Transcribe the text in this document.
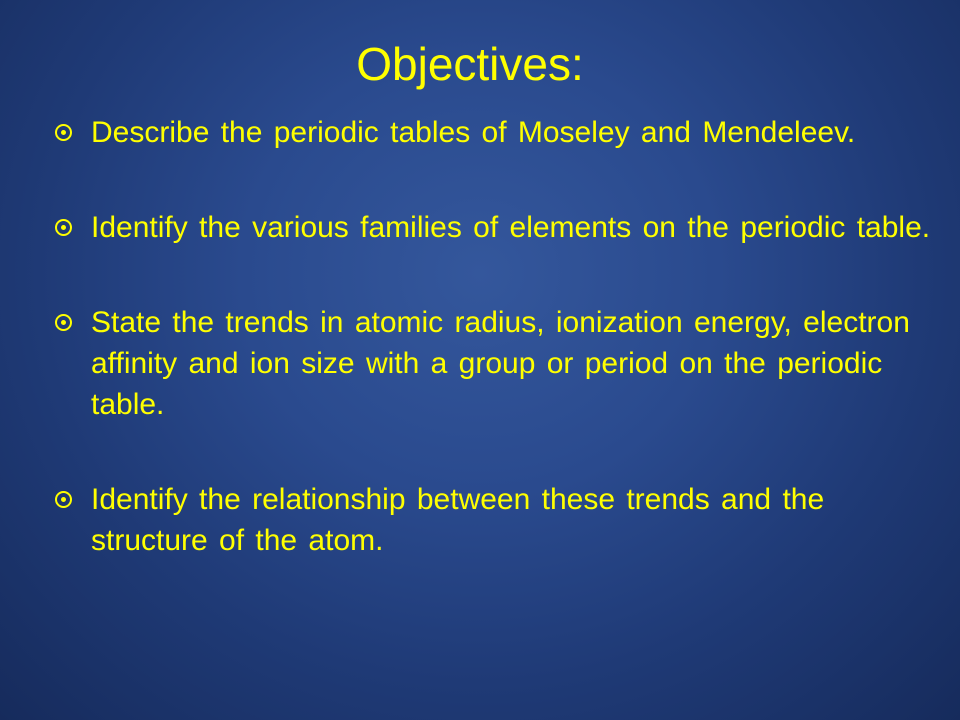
Objectives:
Describe the periodic tables of Moseley and Mendeleev.
Identify the various families of elements on the periodic table.
State the trends in atomic radius, ionization energy, electron affinity and ion size with a group or period on the periodic table.
Identify the relationship between these trends and the structure of the atom.
